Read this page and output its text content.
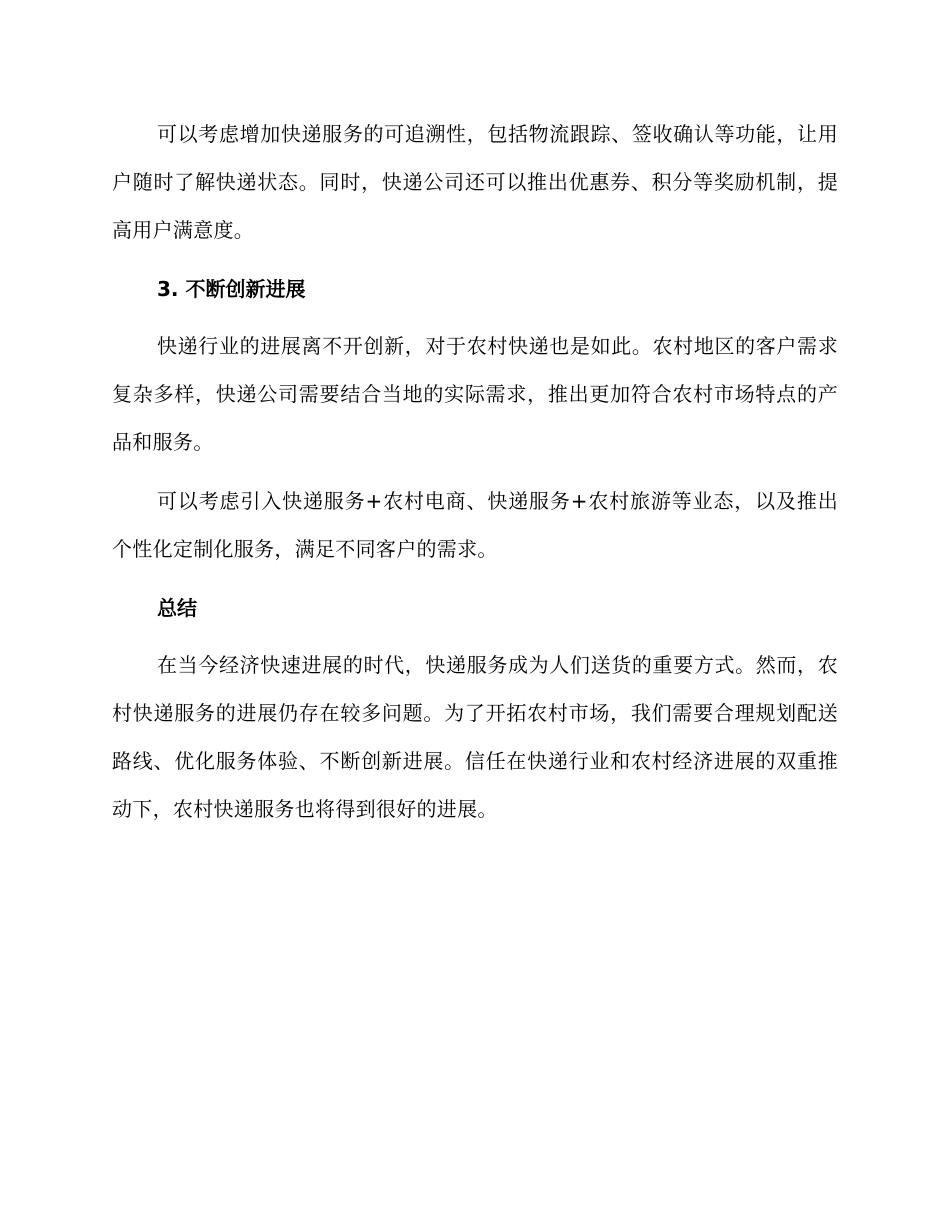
可以考虑增加快递服务的可追溯性，包括物流跟踪、签收确认等功能，让用户随时了解快递状态。同时，快递公司还可以推出优惠券、积分等奖励机制，提高用户满意度。

3. 不断创新进展

快递行业的进展离不开创新，对于农村快递也是如此。农村地区的客户需求复杂多样，快递公司需要结合当地的实际需求，推出更加符合农村市场特点的产品和服务。

可以考虑引入快递服务+农村电商、快递服务+农村旅游等业态，以及推出个性化定制化服务，满足不同客户的需求。

总结

在当今经济快速进展的时代，快递服务成为人们送货的重要方式。然而，农村快递服务的进展仍存在较多问题。为了开拓农村市场，我们需要合理规划配送路线、优化服务体验、不断创新进展。信任在快递行业和农村经济进展的双重推动下，农村快递服务也将得到很好的进展。
